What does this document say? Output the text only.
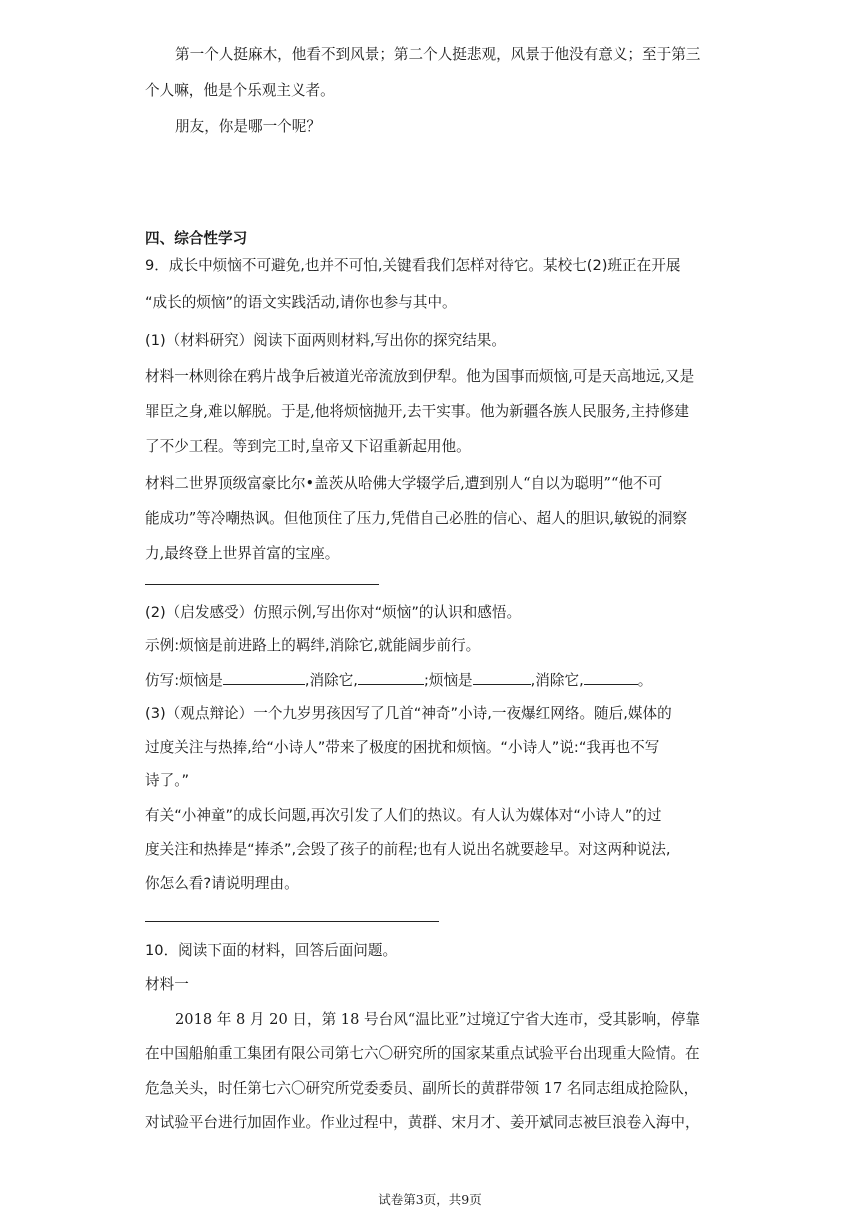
第一个人挺麻木，他看不到风景；第二个人挺悲观，风景于他没有意义；至于第三
个人嘛，他是个乐观主义者。
朋友，你是哪一个呢？
四、综合性学习
9．成长中烦恼不可避免,也并不可怕,关键看我们怎样对待它。某校七(2)班正在开展
“成长的烦恼”的语文实践活动,请你也参与其中。
(1)（材料研究）阅读下面两则材料,写出你的探究结果。
材料一林则徐在鸦片战争后被道光帝流放到伊犁。他为国事而烦恼,可是天高地远,又是
罪臣之身,难以解脱。于是,他将烦恼抛开,去干实事。他为新疆各族人民服务,主持修建
了不少工程。等到完工时,皇帝又下诏重新起用他。
材料二世界顶级富豪比尔•盖茨从哈佛大学辍学后,遭到别人“自以为聪明”“他不可
能成功”等冷嘲热讽。但他顶住了压力,凭借自己必胜的信心、超人的胆识,敏锐的洞察
力,最终登上世界首富的宝座。
(2)（启发感受）仿照示例,写出你对“烦恼”的认识和感悟。
示例:烦恼是前进路上的羁绊,消除它,就能阔步前行。
仿写:烦恼是	,消除它,	;烦恼是	,消除它,	。
(3)（观点辩论）一个九岁男孩因写了几首“神奇”小诗,一夜爆红网络。随后,媒体的
过度关注与热捧,给“小诗人”带来了极度的困扰和烦恼。“小诗人”说:“我再也不写
诗了。”
有关“小神童”的成长问题,再次引发了人们的热议。有人认为媒体对“小诗人”的过
度关注和热捧是“捧杀”,会毁了孩子的前程;也有人说出名就要趁早。对这两种说法,
你怎么看?请说明理由。
10．阅读下面的材料，回答后面问题。
材料一
2018 年 8 月 20 日，第 18 号台风“温比亚”过境辽宁省大连市，受其影响，停靠
在中国船舶重工集团有限公司第七六〇研究所的国家某重点试验平台出现重大险情。在
危急关头，时任第七六〇研究所党委委员、副所长的黄群带领 17 名同志组成抢险队，
对试验平台进行加固作业。作业过程中，黄群、宋月才、姜开斌同志被巨浪卷入海中，
试卷第3页，共9页
